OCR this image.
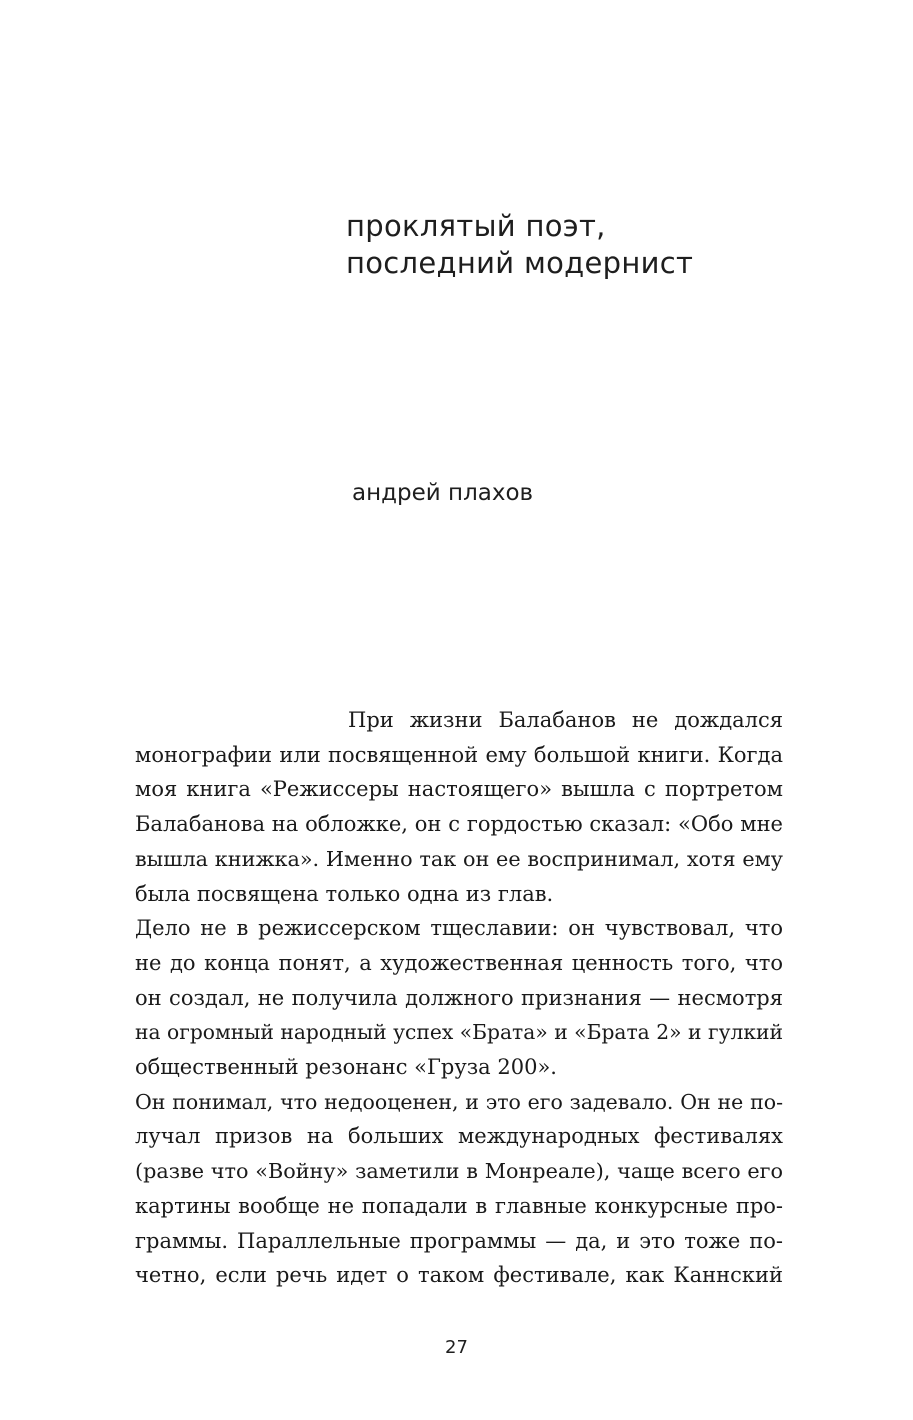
проклятый поэт,
последний модернист
андрей плахов
При жизни Балабанов не дождался
монографии или посвященной ему большой книги. Когда
моя книга «Режиссеры настоящего» вышла с портретом
Балабанова на обложке, он с гордостью сказал: «Обо мне
вышла книжка». Именно так он ее воспринимал, хотя ему
была посвящена только одна из глав.
Дело не в режиссерском тщеславии: он чувствовал, что
не до конца понят, а художественная ценность того, что
он создал, не получила должного признания — несмотря
на огромный народный успех «Брата» и «Брата 2» и гулкий
общественный резонанс «Груза 200».
Он понимал, что недооценен, и это его задевало. Он не по-
лучал призов на больших международных фестивалях
(разве что «Войну» заметили в Монреале), чаще всего его
картины вообще не попадали в главные конкурсные про-
граммы. Параллельные программы — да, и это тоже по-
четно, если речь идет о таком фестивале, как Каннский
27
